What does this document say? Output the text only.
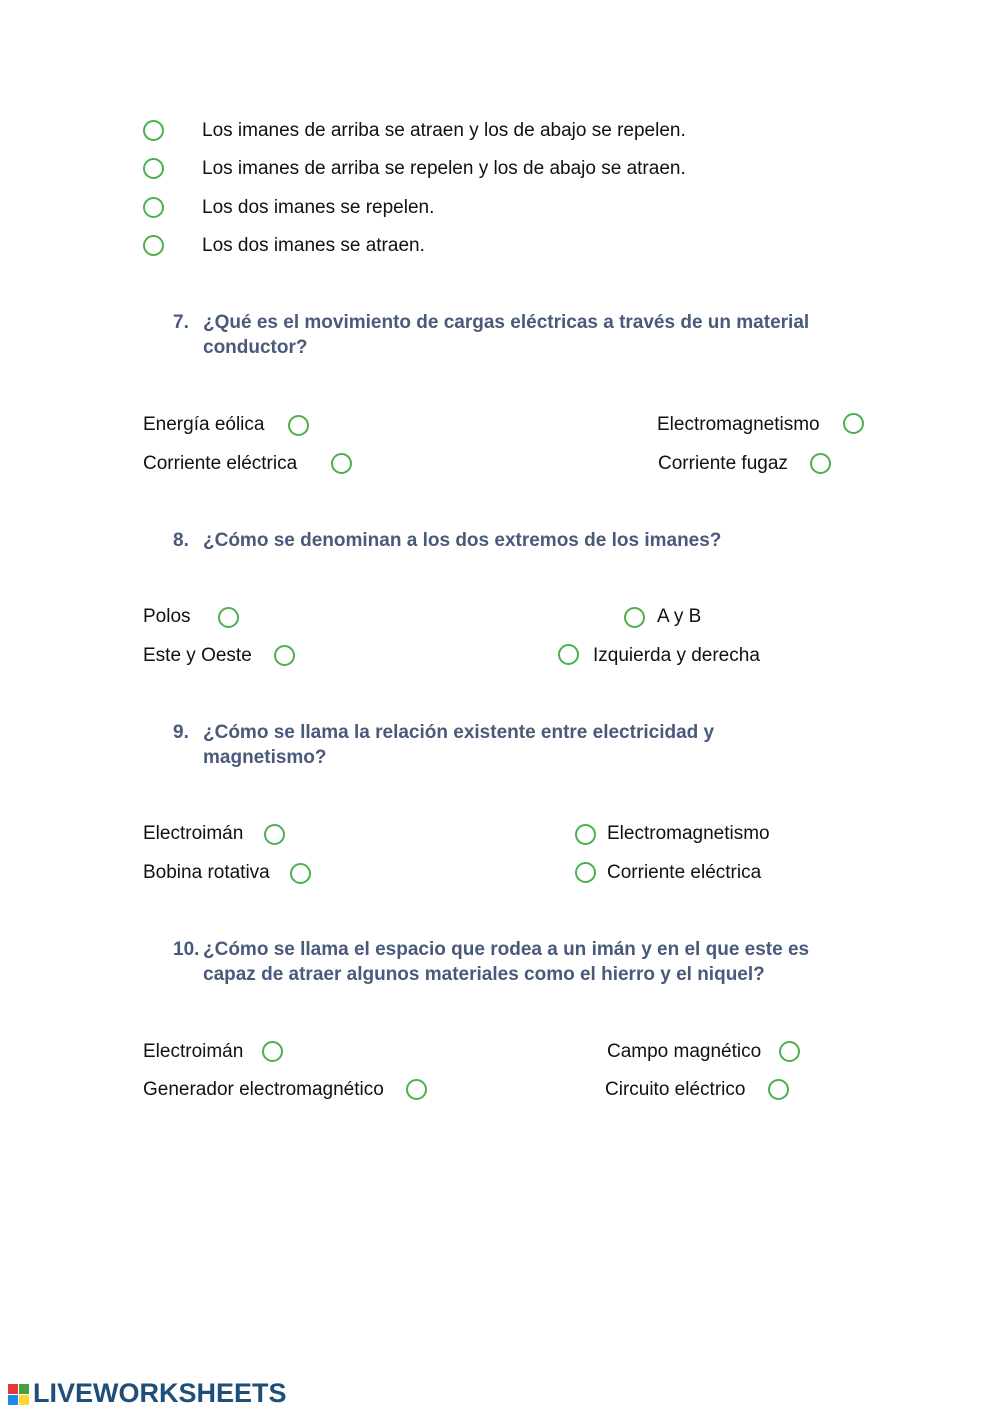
Los imanes de arriba se atraen y los de abajo se repelen.
Los imanes de arriba se repelen y los de abajo se atraen.
Los dos imanes se repelen.
Los dos imanes se atraen.
7. ¿Qué es el movimiento de cargas eléctricas a través de un material conductor?
Energía eólica	Electromagnetismo
Corriente eléctrica	Corriente fugaz
8. ¿Cómo se denominan a los dos extremos de los imanes?
Polos	A y B
Este y Oeste	Izquierda y derecha
9. ¿Cómo se llama la relación existente entre electricidad y magnetismo?
Electroimán	Electromagnetismo
Bobina rotativa	Corriente eléctrica
10. ¿Cómo se llama el espacio que rodea a un imán y en el que este es capaz de atraer algunos materiales como el hierro y el niquel?
Electroimán	Campo magnético
Generador electromagnético	Circuito eléctrico
LIVEWORKSHEETS
